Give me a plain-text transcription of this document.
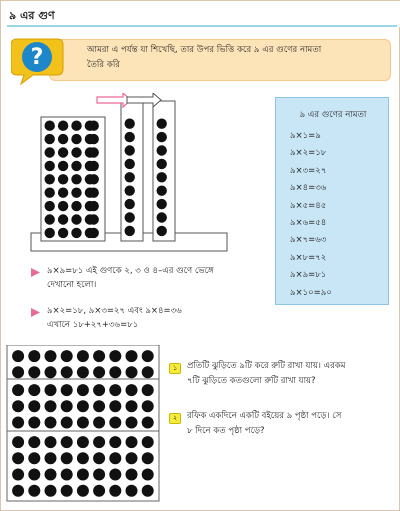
৯ এর গুণ
?	আমরা এ পর্যন্ত যা শিখেছি, তার উপর ভিত্তি করে ৯ এর গুণের নামতা
তৈরি করি
৯ এর গুণের নামতা
৯×১=৯
৯×২=১৮
৯×৩=২৭
৯×৪=৩৬
৯×৫=৪৫
৯×৬=৫৪
৯×৭=৬৩
৯×৮=৭২
৯×৯=৮১
৯×১০=৯০
৯×৯=৮১ এই গুণকে ২, ৩ ও ৪–এর গুণে ভেঙ্গে
দেখানো হলো।
৯×২=১৮, ৯×৩=২৭ এবং ৯×৪=৩৬
এখানে ১৮+২৭+৩৬=৮১
১	প্রতিটি ঝুড়িতে ৯টি করে রুটি রাখা যায়। এরকম
৭টি ঝুড়িতে কতগুলো রুটি রাখা যায়?
২	রফিক একদিনে একটি বইয়ের ৯ পৃষ্ঠা পড়ে। সে
৮ দিনে কত পৃষ্ঠা পড়ে?
